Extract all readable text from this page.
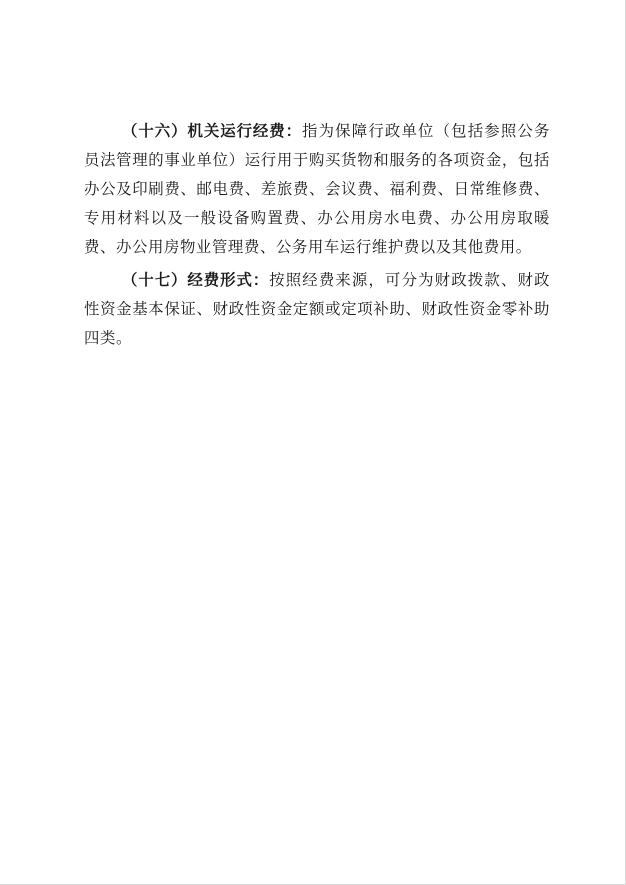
（十六）机关运行经费：指为保障行政单位（包括参照公务员法管理的事业单位）运行用于购买货物和服务的各项资金，包括办公及印刷费、邮电费、差旅费、会议费、福利费、日常维修费、专用材料以及一般设备购置费、办公用房水电费、办公用房取暖费、办公用房物业管理费、公务用车运行维护费以及其他费用。

（十七）经费形式：按照经费来源，可分为财政拨款、财政性资金基本保证、财政性资金定额或定项补助、财政性资金零补助四类。
